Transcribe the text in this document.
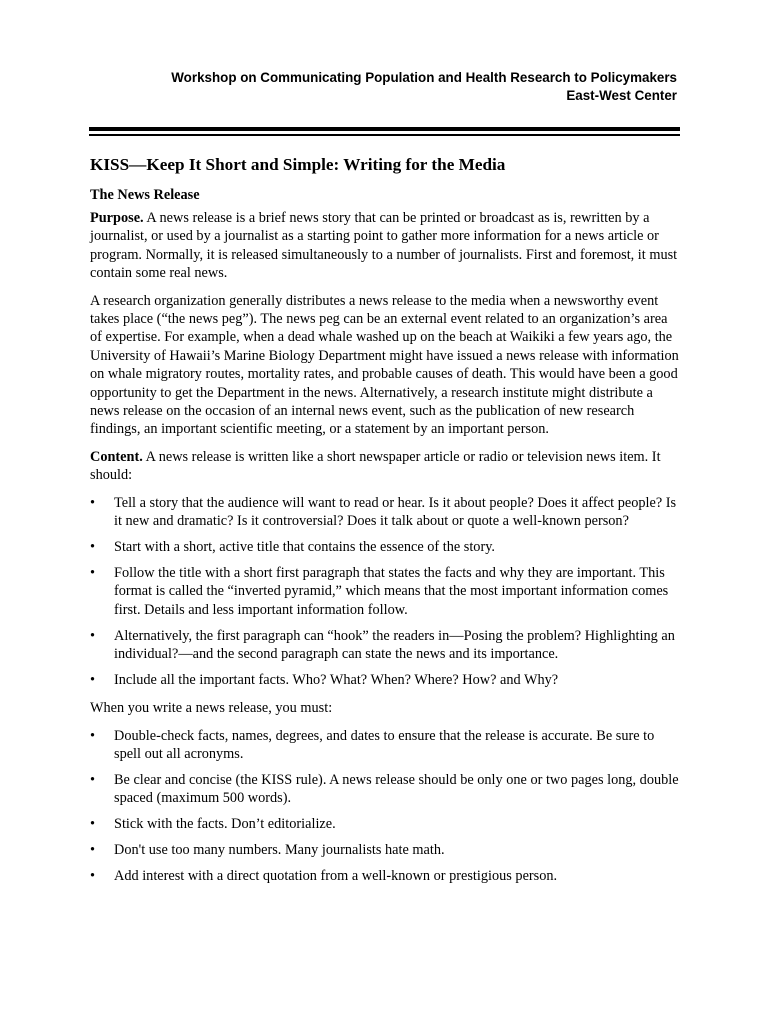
Workshop on Communicating Population and Health Research to Policymakers
East-West Center
KISS—Keep It Short and Simple: Writing for the Media
The News Release

Purpose. A news release is a brief news story that can be printed or broadcast as is, rewritten by a journalist, or used by a journalist as a starting point to gather more information for a news article or program. Normally, it is released simultaneously to a number of journalists. First and foremost, it must contain some real news.

A research organization generally distributes a news release to the media when a newsworthy event takes place (“the news peg”). The news peg can be an external event related to an organization’s area of expertise. For example, when a dead whale washed up on the beach at Waikiki a few years ago, the University of Hawaii’s Marine Biology Department might have issued a news release with information on whale migratory routes, mortality rates, and probable causes of death. This would have been a good opportunity to get the Department in the news. Alternatively, a research institute might distribute a news release on the occasion of an internal news event, such as the publication of new research findings, an important scientific meeting, or a statement by an important person.

Content. A news release is written like a short newspaper article or radio or television news item. It should:

• Tell a story that the audience will want to read or hear. Is it about people? Does it affect people? Is it new and dramatic? Is it controversial? Does it talk about or quote a well-known person?
• Start with a short, active title that contains the essence of the story.
• Follow the title with a short first paragraph that states the facts and why they are important. This format is called the “inverted pyramid,” which means that the most important information comes first. Details and less important information follow.
• Alternatively, the first paragraph can “hook” the readers in—Posing the problem? Highlighting an individual?—and the second paragraph can state the news and its importance.
• Include all the important facts. Who? What? When? Where? How? and Why?

When you write a news release, you must:

• Double-check facts, names, degrees, and dates to ensure that the release is accurate. Be sure to spell out all acronyms.
• Be clear and concise (the KISS rule). A news release should be only one or two pages long, double spaced (maximum 500 words).
• Stick with the facts. Don’t editorialize.
• Don't use too many numbers. Many journalists hate math.
• Add interest with a direct quotation from a well-known or prestigious person.
